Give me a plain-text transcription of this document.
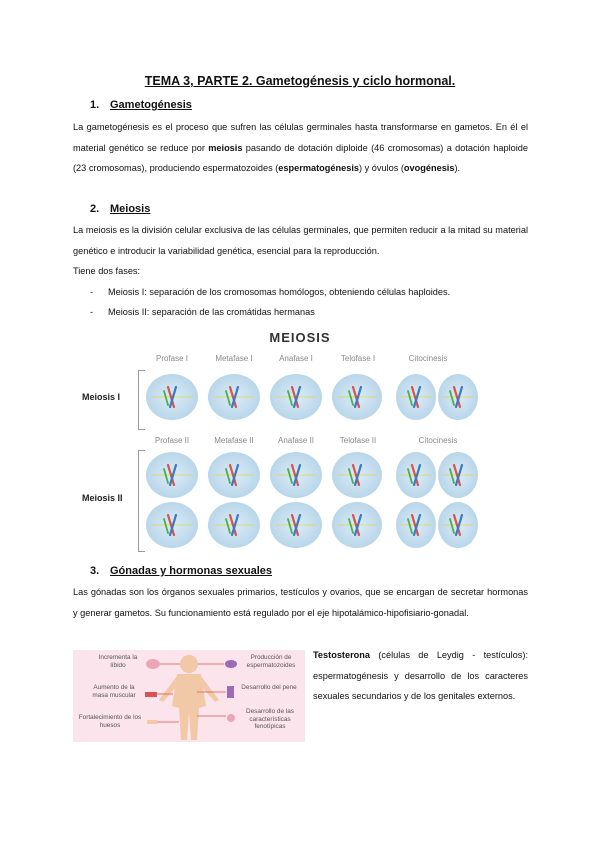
TEMA 3, PARTE 2. Gametogénesis y ciclo hormonal.
1. Gametogénesis
La gametogénesis es el proceso que sufren las células germinales hasta transformarse en gametos. En él el material genético se reduce por meiosis pasando de dotación diploide (46 cromosomas) a dotación haploide (23 cromosomas), produciendo espermatozoides (espermatogénesis) y óvulos (ovogénesis).
2. Meiosis
La meiosis es la división celular exclusiva de las células germinales, que permiten reducir a la mitad su material genético e introducir la variabilidad genética, esencial para la reproducción.
Tiene dos fases:
- Meiosis I: separación de los cromosomas homólogos, obteniendo células haploides.
- Meiosis II: separación de las cromátidas hermanas
MEIOSIS
Profase I	Metafase I	Anafase I	Telofase I	Citocinesis
Meiosis I
Profase II	Metafase II	Anafase II	Telofase II	Citocinesis
Meiosis II
3. Gónadas y hormonas sexuales
Las gónadas son los órganos sexuales primarios, testículos y ovarios, que se encargan de secretar hormonas y generar gametos. Su funcionamiento está regulado por el eje hipotalámico-hipofisiario-gonadal.
Incrementa la líbido
Aumento de la masa muscular
Fortalecimiento de los huesos
Producción de espermatozoides
Desarrollo del pene
Desarrollo de las características fenotípicas
Testosterona (células de Leydig - testículos): espermatogénesis y desarrollo de los caracteres sexuales secundarios y de los genitales externos.
